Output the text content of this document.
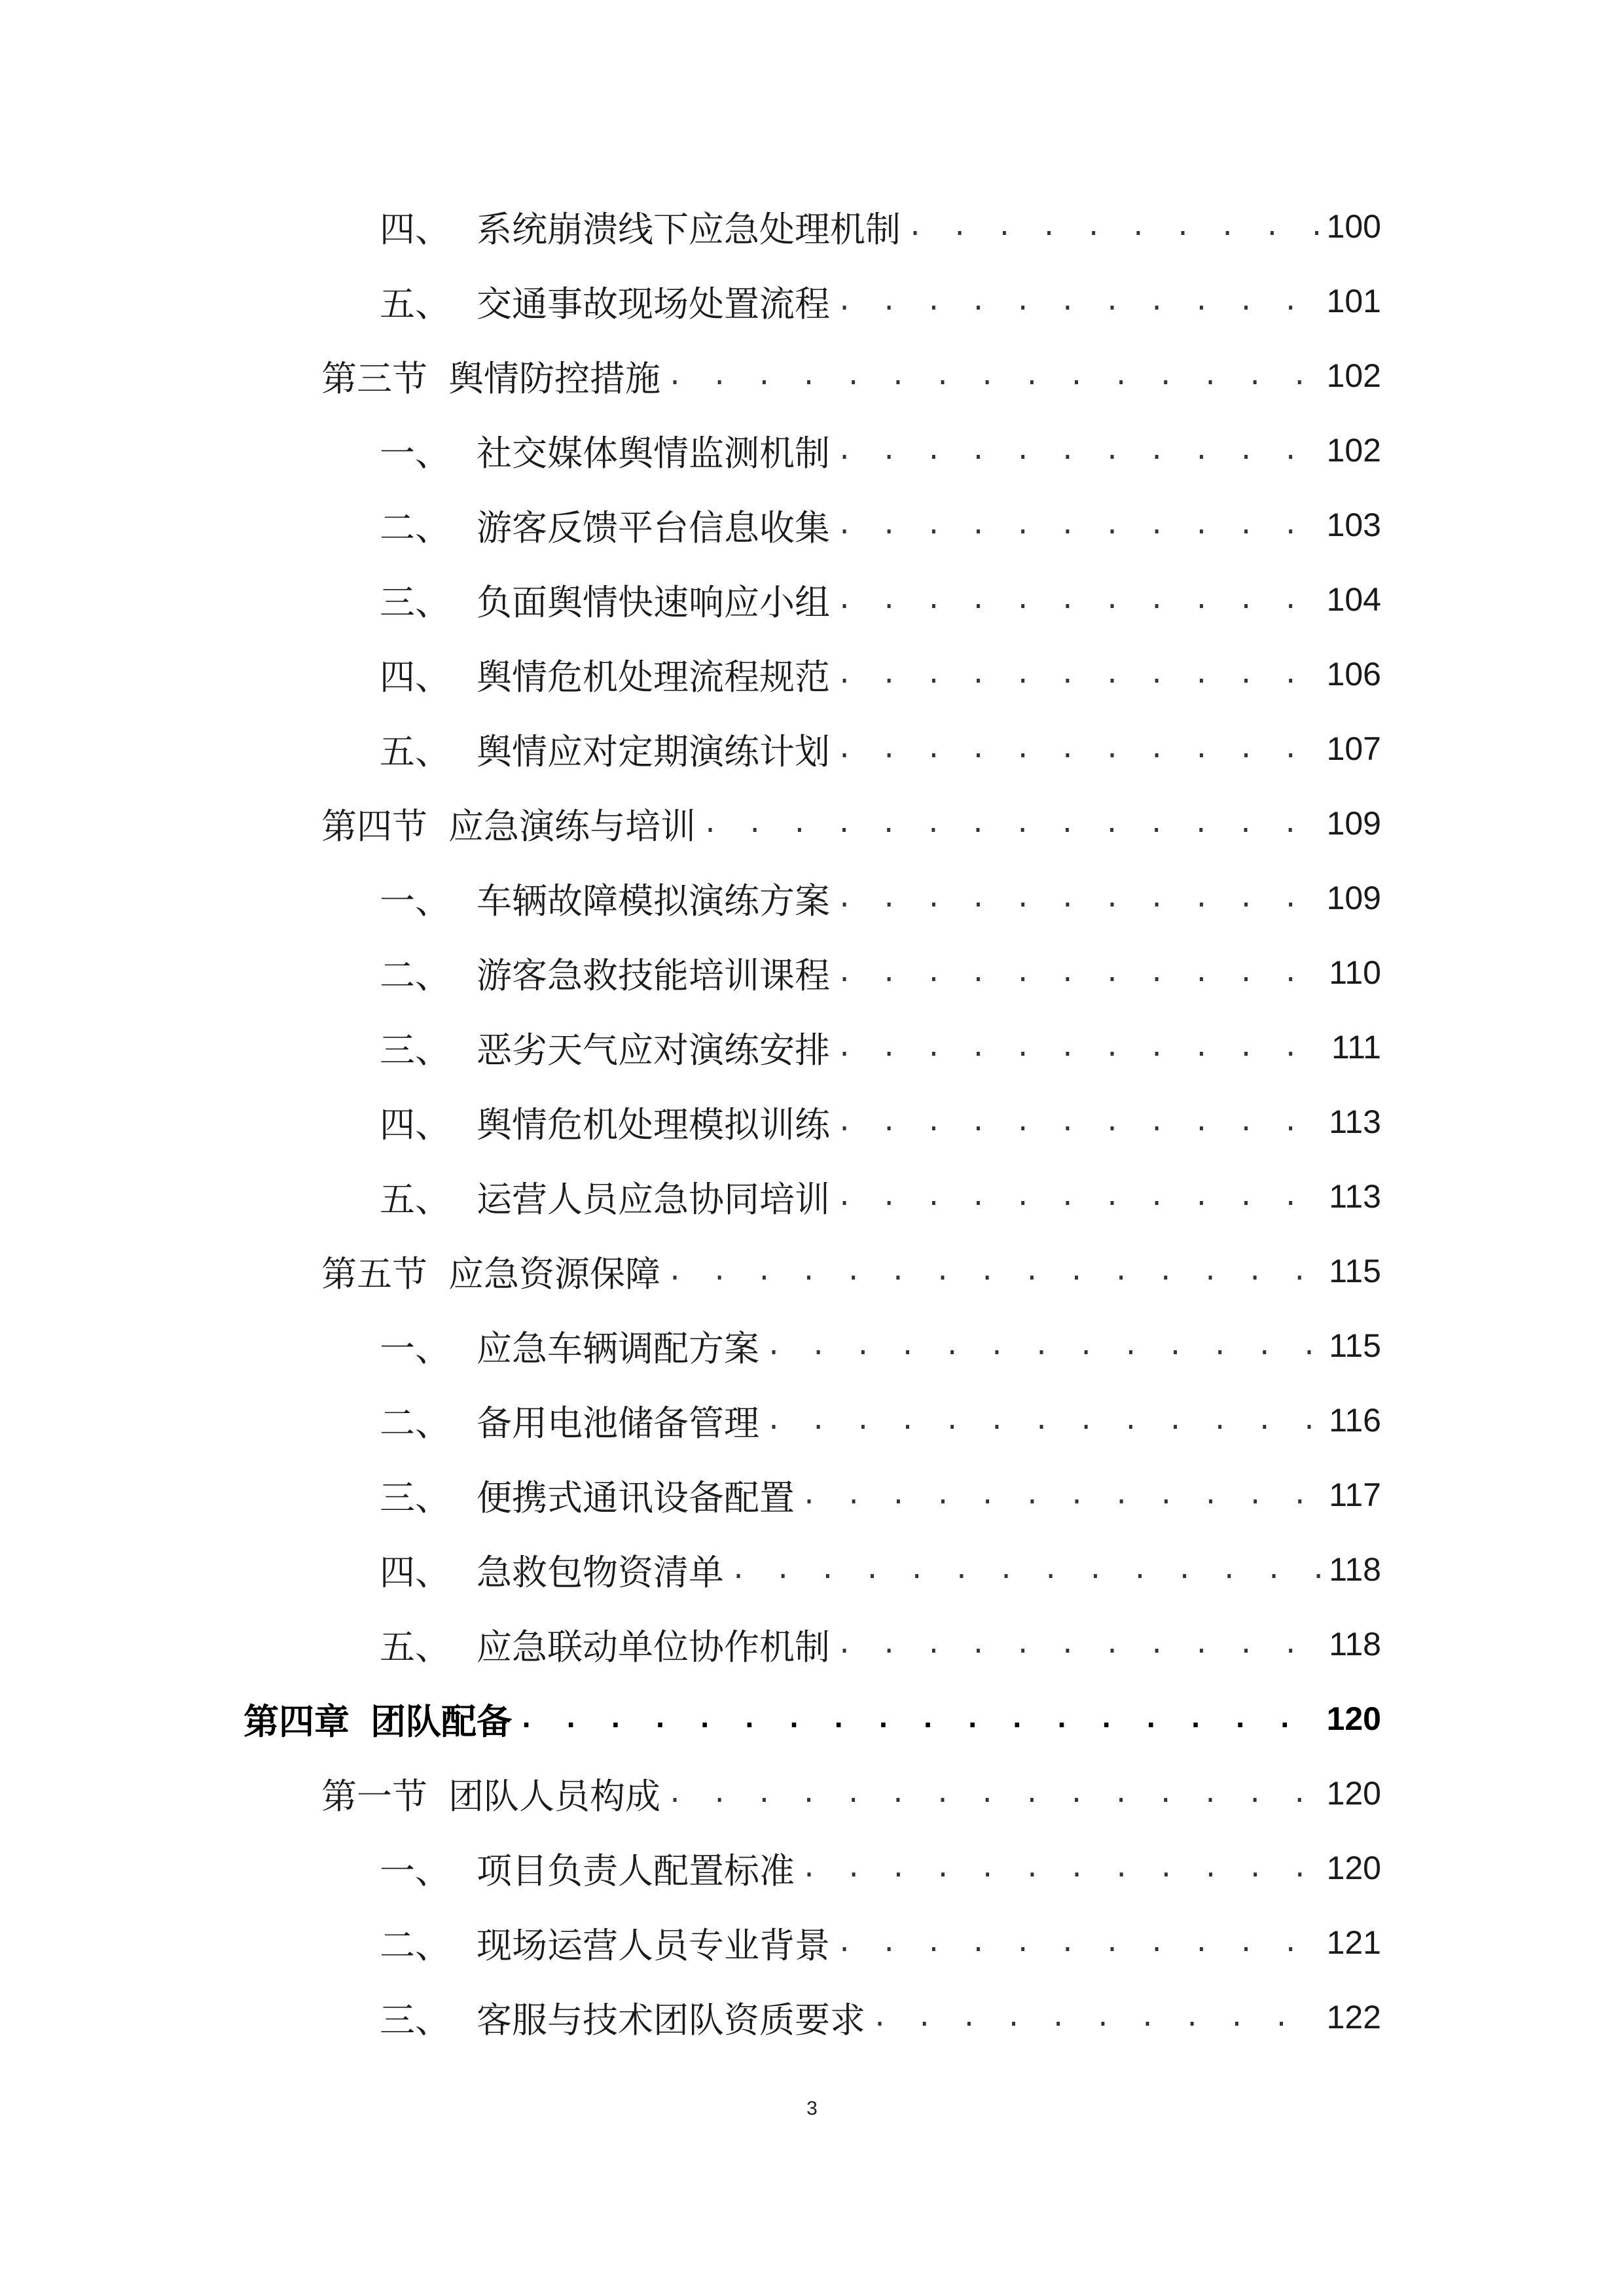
四、 系统崩溃线下应急处理机制 . . .	100
五、 交通事故现场处置流程 . . .	101
第三节 舆情防控措施 . . .	102
一、 社交媒体舆情监测机制 . . .	102
二、 游客反馈平台信息收集 . . .	103
三、 负面舆情快速响应小组 . . .	104
四、 舆情危机处理流程规范 . . .	106
五、 舆情应对定期演练计划 . . .	107
第四节 应急演练与培训 . . .	109
一、 车辆故障模拟演练方案 . . .	109
二、 游客急救技能培训课程 . . .	110
三、 恶劣天气应对演练安排 . . .	111
四、 舆情危机处理模拟训练 . . .	113
五、 运营人员应急协同培训 . . .	113
第五节 应急资源保障 . . .	115
一、 应急车辆调配方案 . . .	115
二、 备用电池储备管理 . . .	116
三、 便携式通讯设备配置 . . .	117
四、 急救包物资清单 . . .	118
五、 应急联动单位协作机制 . . .	118
第四章 团队配备 . . .	120
第一节 团队人员构成 . . .	120
一、 项目负责人配置标准 . . .	120
二、 现场运营人员专业背景 . . .	121
三、 客服与技术团队资质要求 . . .	122
3
